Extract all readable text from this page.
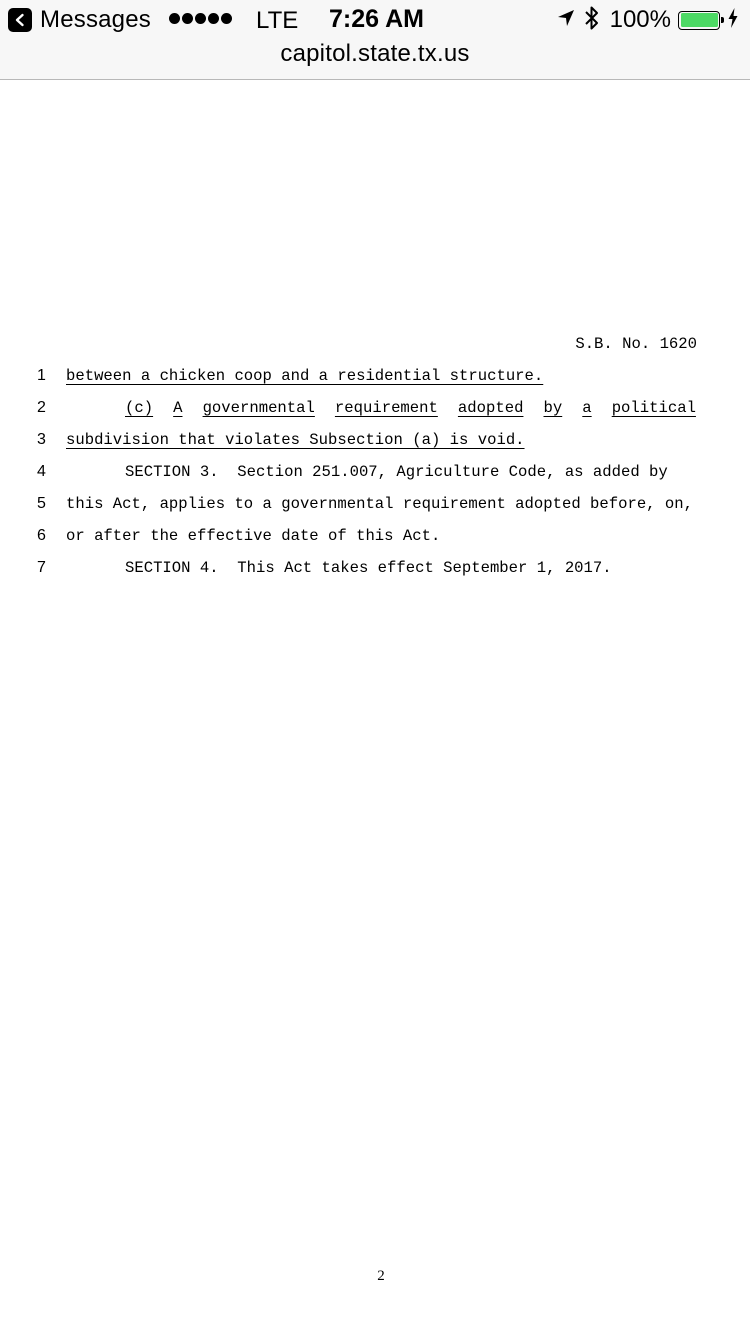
Messages	LTE	7:26 AM	100%
capitol.state.tx.us
S.B. No. 1620
1 between a chicken coop and a residential structure.
2	(c) A governmental requirement adopted by a political
3 subdivision that violates Subsection (a) is void.
4	SECTION 3.  Section 251.007, Agriculture Code, as added by
5 this Act, applies to a governmental requirement adopted before, on,
6 or after the effective date of this Act.
7	SECTION 4.  This Act takes effect September 1, 2017.
2
